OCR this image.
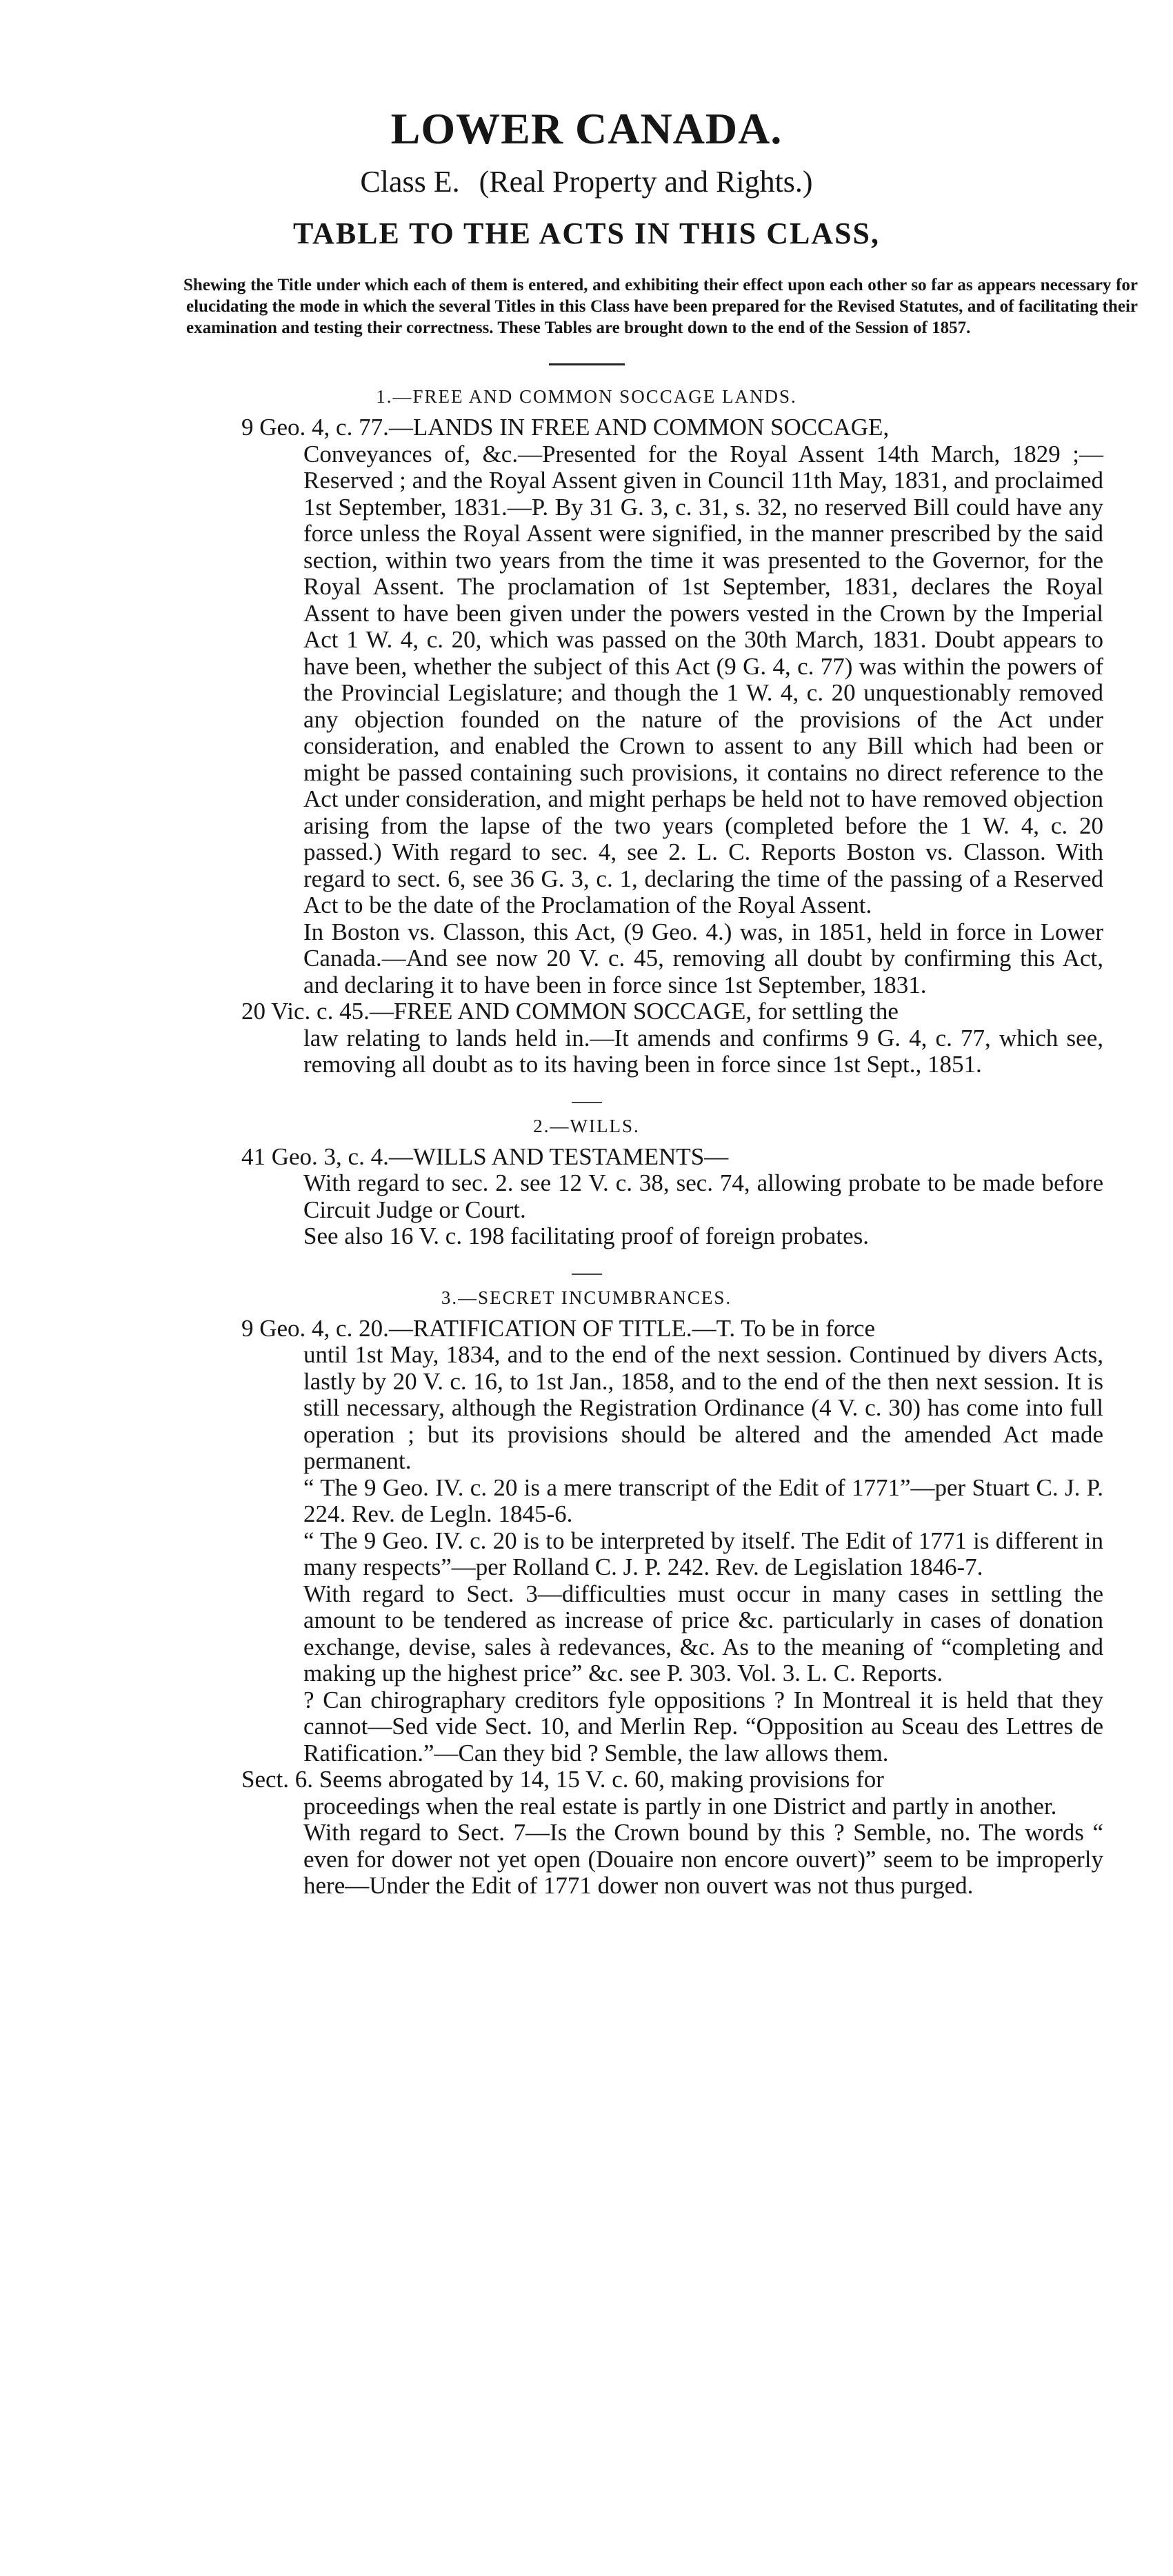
LOWER CANADA.
Class E. (Real Property and Rights.)
TABLE TO THE ACTS IN THIS CLASS,
Shewing the Title under which each of them is entered, and exhibiting their effect upon each other so far as appears necessary for elucidating the mode in which the several Titles in this Class have been prepared for the Revised Statutes, and of facilitating their examination and testing their correctness. These Tables are brought down to the end of the Session of 1857.
1.—FREE AND COMMON SOCCAGE LANDS.
9 Geo. 4, c. 77.—LANDS IN FREE AND COMMON SOCCAGE,

Conveyances of, &c.—Presented for the Royal Assent 14th March, 1829 ;—Reserved ; and the Royal Assent given in Council 11th May, 1831, and proclaimed 1st September, 1831.—P. By 31 G. 3, c. 31, s. 32, no reserved Bill could have any force unless the Royal Assent were signified, in the manner prescribed by the said section, within two years from the time it was presented to the Governor, for the Royal Assent. The proclamation of 1st September, 1831, declares the Royal Assent to have been given under the powers vested in the Crown by the Imperial Act 1 W. 4, c. 20, which was passed on the 30th March, 1831. Doubt appears to have been, whether the subject of this Act (9 G. 4, c. 77) was within the powers of the Provincial Legislature; and though the 1 W. 4, c. 20 unquestionably removed any objection founded on the nature of the provisions of the Act under consideration, and enabled the Crown to assent to any Bill which had been or might be passed containing such provisions, it contains no direct reference to the Act under consideration, and might perhaps be held not to have removed objection arising from the lapse of the two years (completed before the 1 W. 4, c. 20 passed.) With regard to sec. 4, see 2. L. C. Reports Boston vs. Classon. With regard to sect. 6, see 36 G. 3, c. 1, declaring the time of the passing of a Reserved Act to be the date of the Proclamation of the Royal Assent.

In Boston vs. Classon, this Act, (9 Geo. 4.) was, in 1851, held in force in Lower Canada.—And see now 20 V. c. 45, removing all doubt by confirming this Act, and declaring it to have been in force since 1st September, 1831.

20 Vic. c. 45.—FREE AND COMMON SOCCAGE, for settling the

law relating to lands held in.—It amends and confirms 9 G. 4, c. 77, which see, removing all doubt as to its having been in force since 1st Sept., 1851.

2.—WILLS.
41 Geo. 3, c. 4.—WILLS AND TESTAMENTS—

With regard to sec. 2. see 12 V. c. 38, sec. 74, allowing probate to be made before Circuit Judge or Court.

See also 16 V. c. 198 facilitating proof of foreign probates.

3.—SECRET INCUMBRANCES.
9 Geo. 4, c. 20.—RATIFICATION OF TITLE.—T. To be in force

until 1st May, 1834, and to the end of the next session. Continued by divers Acts, lastly by 20 V. c. 16, to 1st Jan., 1858, and to the end of the then next session. It is still necessary, although the Registration Ordinance (4 V. c. 30) has come into full operation ; but its provisions should be altered and the amended Act made permanent.

“ The 9 Geo. IV. c. 20 is a mere transcript of the Edit of 1771”—per Stuart C. J. P. 224. Rev. de Legln. 1845-6.

“ The 9 Geo. IV. c. 20 is to be interpreted by itself. The Edit of 1771 is different in many respects”—per Rolland C. J. P. 242. Rev. de Legislation 1846-7.

With regard to Sect. 3—difficulties must occur in many cases in settling the amount to be tendered as increase of price &c. particularly in cases of donation exchange, devise, sales à redevances, &c. As to the meaning of “completing and making up the highest price” &c. see P. 303. Vol. 3. L. C. Reports.

? Can chirographary creditors fyle oppositions ? In Montreal it is held that they cannot—Sed vide Sect. 10, and Merlin Rep. “Opposition au Sceau des Lettres de Ratification.”—Can they bid ? Semble, the law allows them.

Sect. 6. Seems abrogated by 14, 15 V. c. 60, making provisions for

proceedings when the real estate is partly in one District and partly in another.

With regard to Sect. 7—Is the Crown bound by this ? Semble, no. The words “ even for dower not yet open (Douaire non encore ouvert)” seem to be improperly here—Under the Edit of 1771 dower non ouvert was not thus purged.
